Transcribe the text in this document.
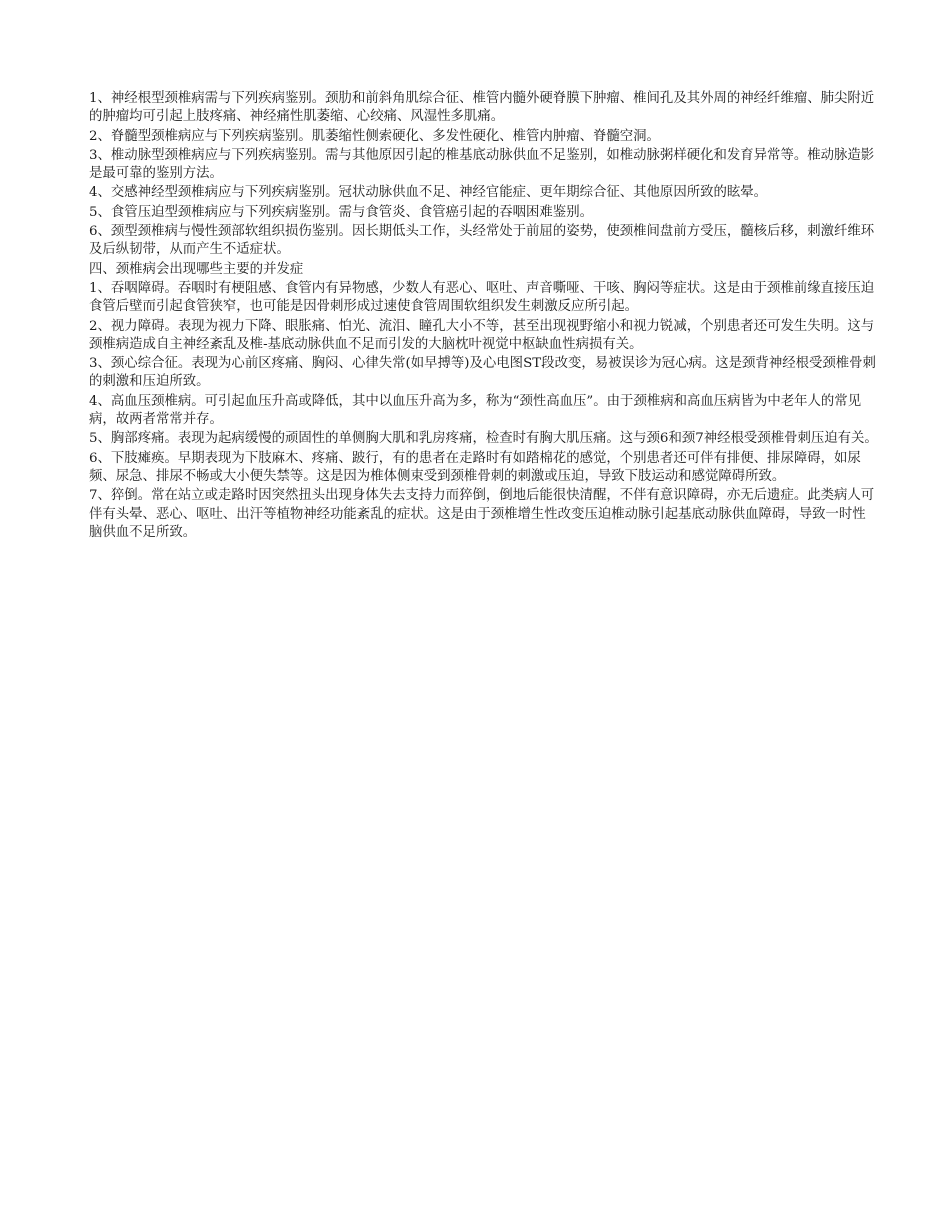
1、神经根型颈椎病需与下列疾病鉴别。颈肋和前斜角肌综合征、椎管内髓外硬脊膜下肿瘤、椎间孔及其外周的神经纤维瘤、肺尖附近的肿瘤均可引起上肢疼痛、神经痛性肌萎缩、心绞痛、风湿性多肌痛。

2、脊髓型颈椎病应与下列疾病鉴别。肌萎缩性侧索硬化、多发性硬化、椎管内肿瘤、脊髓空洞。

3、椎动脉型颈椎病应与下列疾病鉴别。需与其他原因引起的椎基底动脉供血不足鉴别，如椎动脉粥样硬化和发育异常等。椎动脉造影是最可靠的鉴别方法。

4、交感神经型颈椎病应与下列疾病鉴别。冠状动脉供血不足、神经官能症、更年期综合征、其他原因所致的眩晕。

5、食管压迫型颈椎病应与下列疾病鉴别。需与食管炎、食管癌引起的吞咽困难鉴别。

6、颈型颈椎病与慢性颈部软组织损伤鉴别。因长期低头工作，头经常处于前屈的姿势，使颈椎间盘前方受压，髓核后移，刺激纤维环及后纵韧带，从而产生不适症状。

四、颈椎病会出现哪些主要的并发症

1、吞咽障碍。吞咽时有梗阻感、食管内有异物感，少数人有恶心、呕吐、声音嘶哑、干咳、胸闷等症状。这是由于颈椎前缘直接压迫食管后壁而引起食管狭窄，也可能是因骨刺形成过速使食管周围软组织发生刺激反应所引起。

2、视力障碍。表现为视力下降、眼胀痛、怕光、流泪、瞳孔大小不等，甚至出现视野缩小和视力锐减，个别患者还可发生失明。这与颈椎病造成自主神经紊乱及椎-基底动脉供血不足而引发的大脑枕叶视觉中枢缺血性病损有关。

3、颈心综合征。表现为心前区疼痛、胸闷、心律失常(如早搏等)及心电图ST段改变，易被误诊为冠心病。这是颈背神经根受颈椎骨刺的刺激和压迫所致。

4、高血压颈椎病。可引起血压升高或降低，其中以血压升高为多，称为“颈性高血压”。由于颈椎病和高血压病皆为中老年人的常见病，故两者常常并存。

5、胸部疼痛。表现为起病缓慢的顽固性的单侧胸大肌和乳房疼痛，检查时有胸大肌压痛。这与颈6和颈7神经根受颈椎骨刺压迫有关。

6、下肢瘫痪。早期表现为下肢麻木、疼痛、跛行，有的患者在走路时有如踏棉花的感觉，个别患者还可伴有排便、排尿障碍，如尿频、尿急、排尿不畅或大小便失禁等。这是因为椎体侧束受到颈椎骨刺的刺激或压迫，导致下肢运动和感觉障碍所致。

7、猝倒。常在站立或走路时因突然扭头出现身体失去支持力而猝倒，倒地后能很快清醒，不伴有意识障碍，亦无后遗症。此类病人可伴有头晕、恶心、呕吐、出汗等植物神经功能紊乱的症状。这是由于颈椎增生性改变压迫椎动脉引起基底动脉供血障碍，导致一时性脑供血不足所致。
